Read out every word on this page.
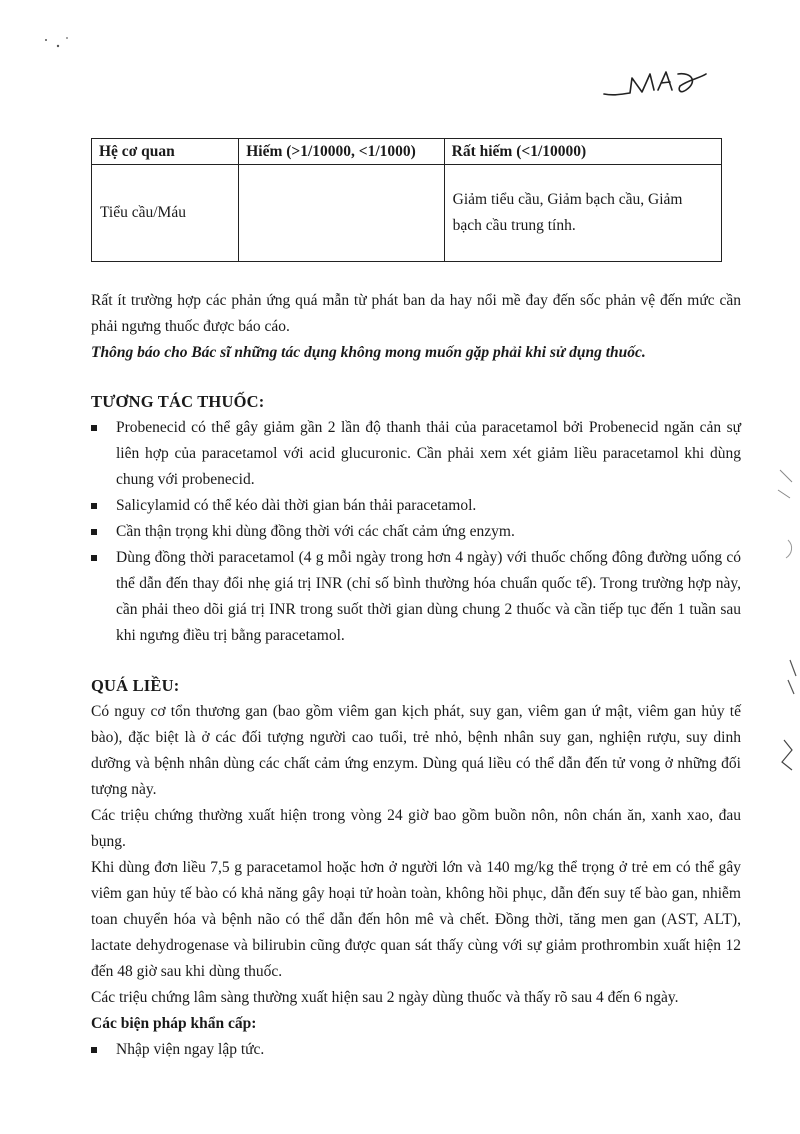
Hệ cơ quan	Hiếm (>1/10000, <1/1000)	Rất hiếm (<1/10000)
Tiểu cầu/Máu		Giảm tiểu cầu, Giảm bạch cầu, Giảm bạch cầu trung tính.

Rất ít trường hợp các phản ứng quá mẫn từ phát ban da hay nổi mề đay đến sốc phản vệ đến mức cần phải ngưng thuốc được báo cáo.

Thông báo cho Bác sĩ những tác dụng không mong muốn gặp phải khi sử dụng thuốc.

TƯƠNG TÁC THUỐC:

Probenecid có thể gây giảm gần 2 lần độ thanh thải của paracetamol bởi Probenecid ngăn cản sự liên hợp của paracetamol với acid glucuronic. Cần phải xem xét giảm liều paracetamol khi dùng chung với probenecid.
Salicylamid có thể kéo dài thời gian bán thải paracetamol.
Cần thận trọng khi dùng đồng thời với các chất cảm ứng enzym.
Dùng đồng thời paracetamol (4 g mỗi ngày trong hơn 4 ngày) với thuốc chống đông đường uống có thể dẫn đến thay đổi nhẹ giá trị INR (chỉ số bình thường hóa chuẩn quốc tế). Trong trường hợp này, cần phải theo dõi giá trị INR trong suốt thời gian dùng chung 2 thuốc và cần tiếp tục đến 1 tuần sau khi ngưng điều trị bằng paracetamol.

QUÁ LIỀU:

Có nguy cơ tổn thương gan (bao gồm viêm gan kịch phát, suy gan, viêm gan ứ mật, viêm gan hủy tế bào), đặc biệt là ở các đối tượng người cao tuổi, trẻ nhỏ, bệnh nhân suy gan, nghiện rượu, suy dinh dưỡng và bệnh nhân dùng các chất cảm ứng enzym. Dùng quá liều có thể dẫn đến tử vong ở những đối tượng này.

Các triệu chứng thường xuất hiện trong vòng 24 giờ bao gồm buồn nôn, nôn chán ăn, xanh xao, đau bụng.

Khi dùng đơn liều 7,5 g paracetamol hoặc hơn ở người lớn và 140 mg/kg thể trọng ở trẻ em có thể gây viêm gan hủy tế bào có khả năng gây hoại tử hoàn toàn, không hồi phục, dẫn đến suy tế bào gan, nhiễm toan chuyển hóa và bệnh não có thể dẫn đến hôn mê và chết. Đồng thời, tăng men gan (AST, ALT), lactate dehydrogenase và bilirubin cũng được quan sát thấy cùng với sự giảm prothrombin xuất hiện 12 đến 48 giờ sau khi dùng thuốc.

Các triệu chứng lâm sàng thường xuất hiện sau 2 ngày dùng thuốc và thấy rõ sau 4 đến 6 ngày.

Các biện pháp khẩn cấp:

Nhập viện ngay lập tức.
